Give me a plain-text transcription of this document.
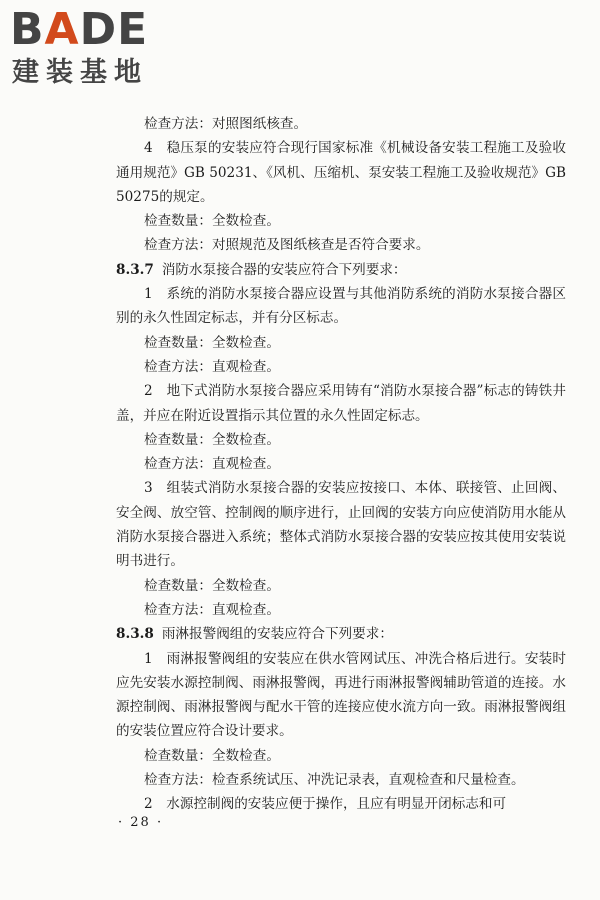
BADE
建装基地

检查方法：对照图纸核查。

4　稳压泵的安装应符合现行国家标准《机械设备安装工程施工及验收通用规范》GB 50231、《风机、压缩机、泵安装工程施工及验收规范》GB 50275的规定。

检查数量：全数检查。

检查方法：对照规范及图纸核查是否符合要求。

8.3.7 消防水泵接合器的安装应符合下列要求：

1　系统的消防水泵接合器应设置与其他消防系统的消防水泵接合器区别的永久性固定标志，并有分区标志。

检查数量：全数检查。

检查方法：直观检查。

2　地下式消防水泵接合器应采用铸有“消防水泵接合器”标志的铸铁井盖，并应在附近设置指示其位置的永久性固定标志。

检查数量：全数检查。

检查方法：直观检查。

3　组装式消防水泵接合器的安装应按接口、本体、联接管、止回阀、安全阀、放空管、控制阀的顺序进行，止回阀的安装方向应使消防用水能从消防水泵接合器进入系统；整体式消防水泵接合器的安装应按其使用安装说明书进行。

检查数量：全数检查。

检查方法：直观检查。

8.3.8 雨淋报警阀组的安装应符合下列要求：

1　雨淋报警阀组的安装应在供水管网试压、冲洗合格后进行。安装时应先安装水源控制阀、雨淋报警阀，再进行雨淋报警阀辅助管道的连接。水源控制阀、雨淋报警阀与配水干管的连接应使水流方向一致。雨淋报警阀组的安装位置应符合设计要求。

检查数量：全数检查。

检查方法：检查系统试压、冲洗记录表，直观检查和尺量检查。

2　水源控制阀的安装应便于操作，且应有明显开闭标志和可

· 28 ·
